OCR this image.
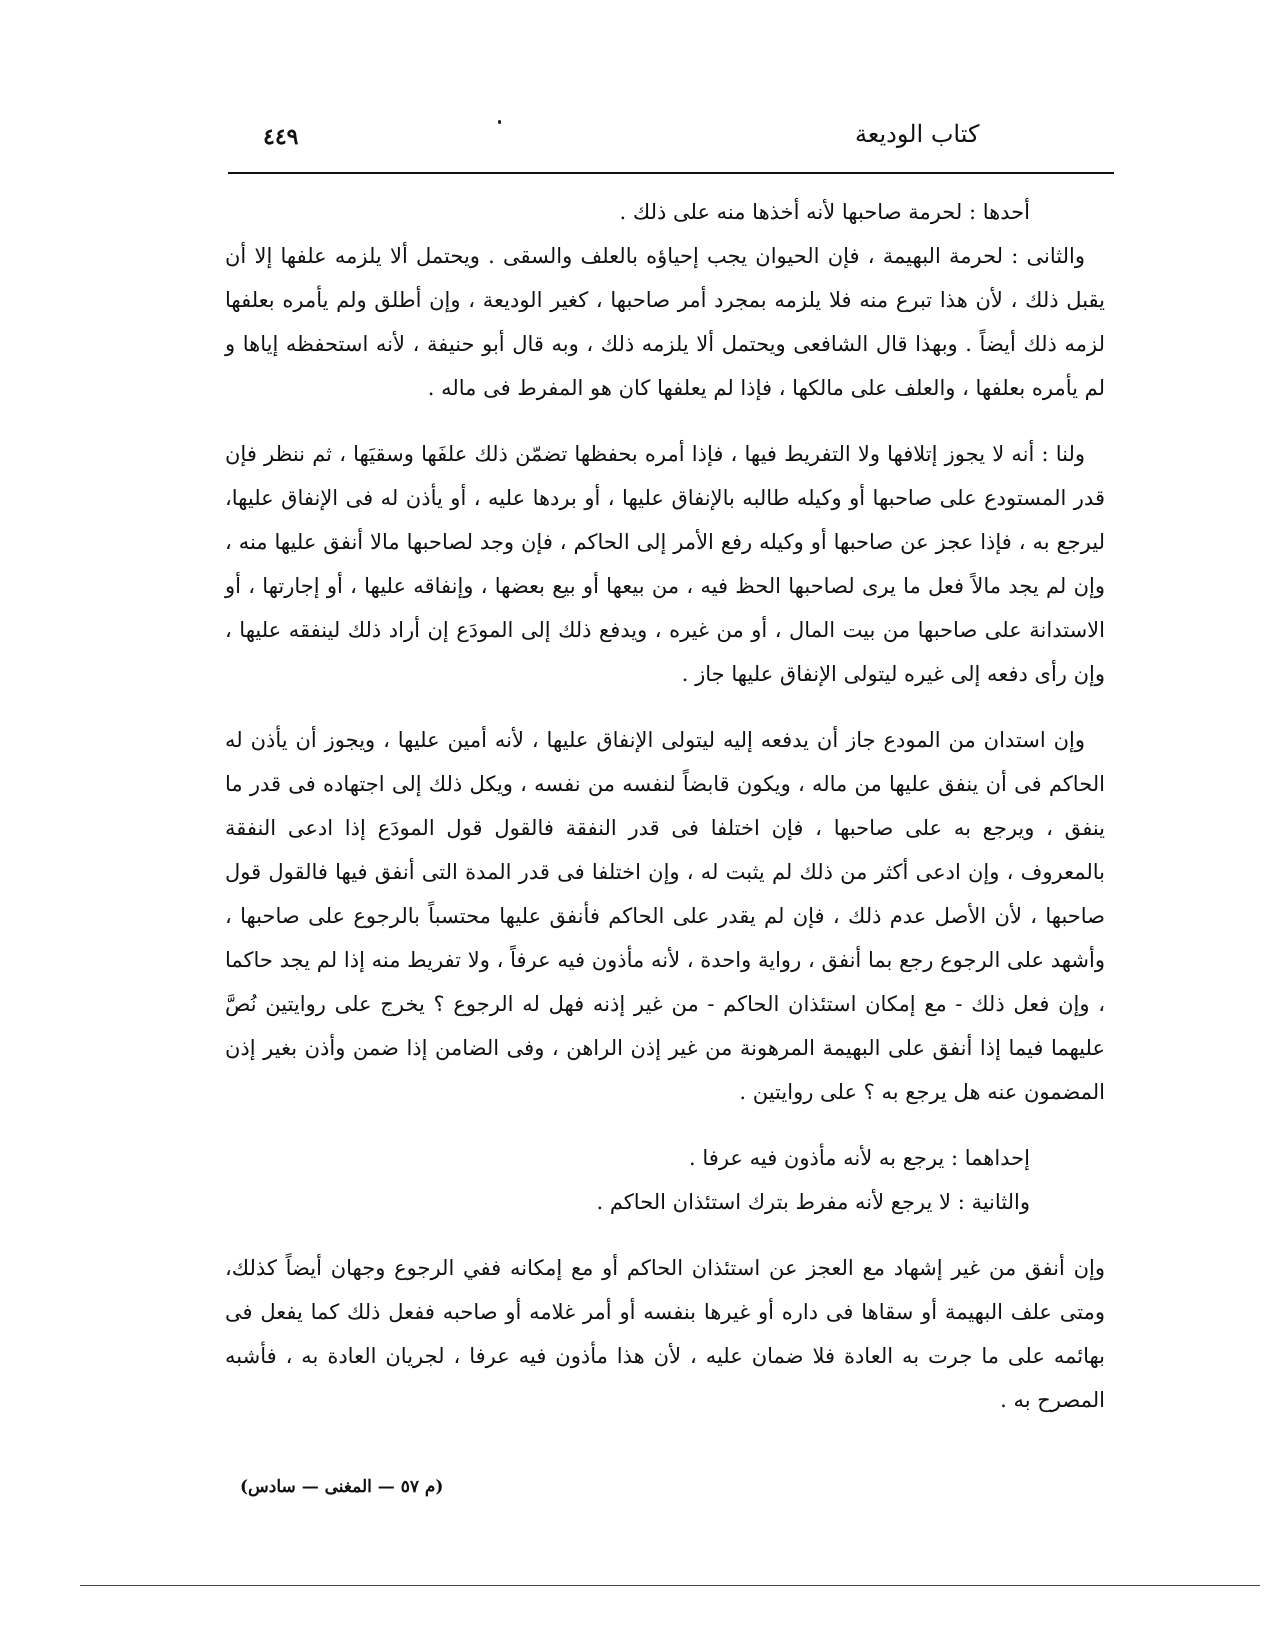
كتاب الوديعة
٤٤٩

أحدها : لحرمة صاحبها لأنه أخذها منه على ذلك .

والثانى : لحرمة البهيمة ، فإن الحيوان يجب إحياؤه بالعلف والسقى . ويحتمل ألا يلزمه علفها إلا أن يقبل ذلك ، لأن هذا تبرع منه فلا يلزمه بمجرد أمر صاحبها ، كغير الوديعة ، وإن أطلق ولم يأمره بعلفها لزمه ذلك أيضاً . وبهذا قال الشافعى ويحتمل ألا يلزمه ذلك ، وبه قال أبو حنيفة ، لأنه استحفظه إياها و لم يأمره بعلفها ، والعلف على مالكها ، فإذا لم يعلفها كان هو المفرط فى ماله .

ولنا : أنه لا يجوز إتلافها ولا التفريط فيها ، فإذا أمره بحفظها تضمّن ذلك علفَها وسقيَها ، ثم ننظر فإن قدر المستودع على صاحبها أو وكيله طالبه بالإنفاق عليها ، أو بردها عليه ، أو يأذن له فى الإنفاق عليها، ليرجع به ، فإذا عجز عن صاحبها أو وكيله رفع الأمر إلى الحاكم ، فإن وجد لصاحبها مالا أنفق عليها منه ، وإن لم يجد مالاً فعل ما يرى لصاحبها الحظ فيه ، من بيعها أو بيع بعضها ، وإنفاقه عليها ، أو إجارتها ، أو الاستدانة على صاحبها من بيت المال ، أو من غيره ، ويدفع ذلك إلى المودَع إن أراد ذلك لينفقه عليها ، وإن رأى دفعه إلى غيره ليتولى الإنفاق عليها جاز .

وإن استدان من المودع جاز أن يدفعه إليه ليتولى الإنفاق عليها ، لأنه أمين عليها ، ويجوز أن يأذن له الحاكم فى أن ينفق عليها من ماله ، ويكون قابضاً لنفسه من نفسه ، ويكل ذلك إلى اجتهاده فى قدر ما ينفق ، ويرجع به على صاحبها ، فإن اختلفا فى قدر النفقة فالقول قول المودَع إذا ادعى النفقة بالمعروف ، وإن ادعى أكثر من ذلك لم يثبت له ، وإن اختلفا فى قدر المدة التى أنفق فيها فالقول قول صاحبها ، لأن الأصل عدم ذلك ، فإن لم يقدر على الحاكم فأنفق عليها محتسباً بالرجوع على صاحبها ، وأشهد على الرجوع رجع بما أنفق ، رواية واحدة ، لأنه مأذون فيه عرفاً ، ولا تفريط منه إذا لم يجد حاكما ، وإن فعل ذلك - مع إمكان استئذان الحاكم - من غير إذنه فهل له الرجوع ؟ يخرج على روايتين نُصَّ عليهما فيما إذا أنفق على البهيمة المرهونة من غير إذن الراهن ، وفى الضامن إذا ضمن وأذن بغير إذن المضمون عنه هل يرجع به ؟ على روايتين .

إحداهما : يرجع به لأنه مأذون فيه عرفا .

والثانية : لا يرجع لأنه مفرط بترك استئذان الحاكم .

وإن أنفق من غير إشهاد مع العجز عن استئذان الحاكم أو مع إمكانه ففي الرجوع وجهان أيضاً كذلك، ومتى علف البهيمة أو سقاها فى داره أو غيرها بنفسه أو أمر غلامه أو صاحبه ففعل ذلك كما يفعل فى بهائمه على ما جرت به العادة فلا ضمان عليه ، لأن هذا مأذون فيه عرفا ، لجريان العادة به ، فأشبه المصرح به .

(م ٥٧ — المغنى — سادس)
